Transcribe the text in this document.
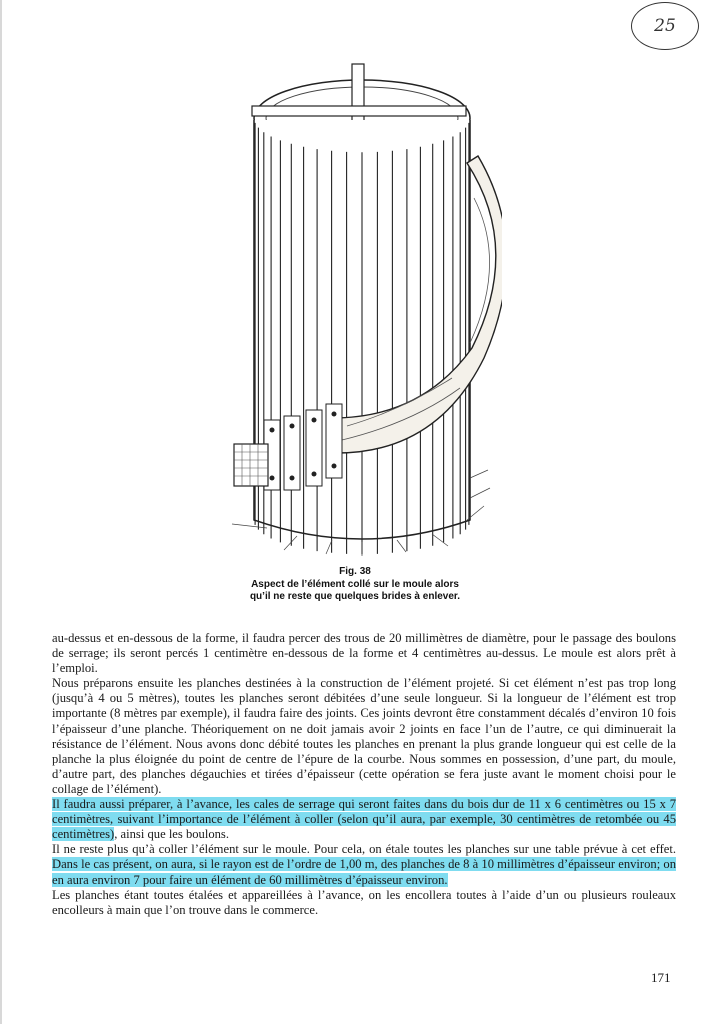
25
Fig. 38
Aspect de l’élément collé sur le moule alors
qu’il ne reste que quelques brides à enlever.

au-dessus et en-dessous de la forme, il faudra percer des trous de 20 millimètres de diamètre, pour le passage des boulons de serrage; ils seront percés 1 centimètre en-dessous de la forme et 4 centimètres au-dessus. Le moule est alors prêt à l’emploi.

Nous préparons ensuite les planches destinées à la construction de l’élément projeté. Si cet élément n’est pas trop long (jusqu’à 4 ou 5 mètres), toutes les planches seront débitées d’une seule longueur. Si la longueur de l’élément est trop importante (8 mètres par exemple), il faudra faire des joints. Ces joints devront être constamment décalés d’environ 10 fois l’épaisseur d’une planche. Théoriquement on ne doit jamais avoir 2 joints en face l’un de l’autre, ce qui diminuerait la résistance de l’élément. Nous avons donc débité toutes les planches en prenant la plus grande longueur qui est celle de la planche la plus éloignée du point de centre de l’épure de la courbe. Nous sommes en possession, d’une part, du moule, d’autre part, des planches dégauchies et tirées d’épaisseur (cette opération se fera juste avant le moment choisi pour le collage de l’élément).

Il faudra aussi préparer, à l’avance, les cales de serrage qui seront faites dans du bois dur de 11 x 6 centimètres ou 15 x 7 centimètres, suivant l’importance de l’élément à coller (selon qu’il aura, par exemple, 30 centimètres de retombée ou 45 centimètres), ainsi que les boulons.

Il ne reste plus qu’à coller l’élément sur le moule. Pour cela, on étale toutes les planches sur une table prévue à cet effet. Dans le cas présent, on aura, si le rayon est de l’ordre de 1,00 m, des planches de 8 à 10 millimètres d’épaisseur environ; on en aura environ 7 pour faire un élément de 60 millimètres d’épaisseur environ.

Les planches étant toutes étalées et appareillées à l’avance, on les encollera toutes à l’aide d’un ou plusieurs rouleaux encolleurs à main que l’on trouve dans le commerce.

171
